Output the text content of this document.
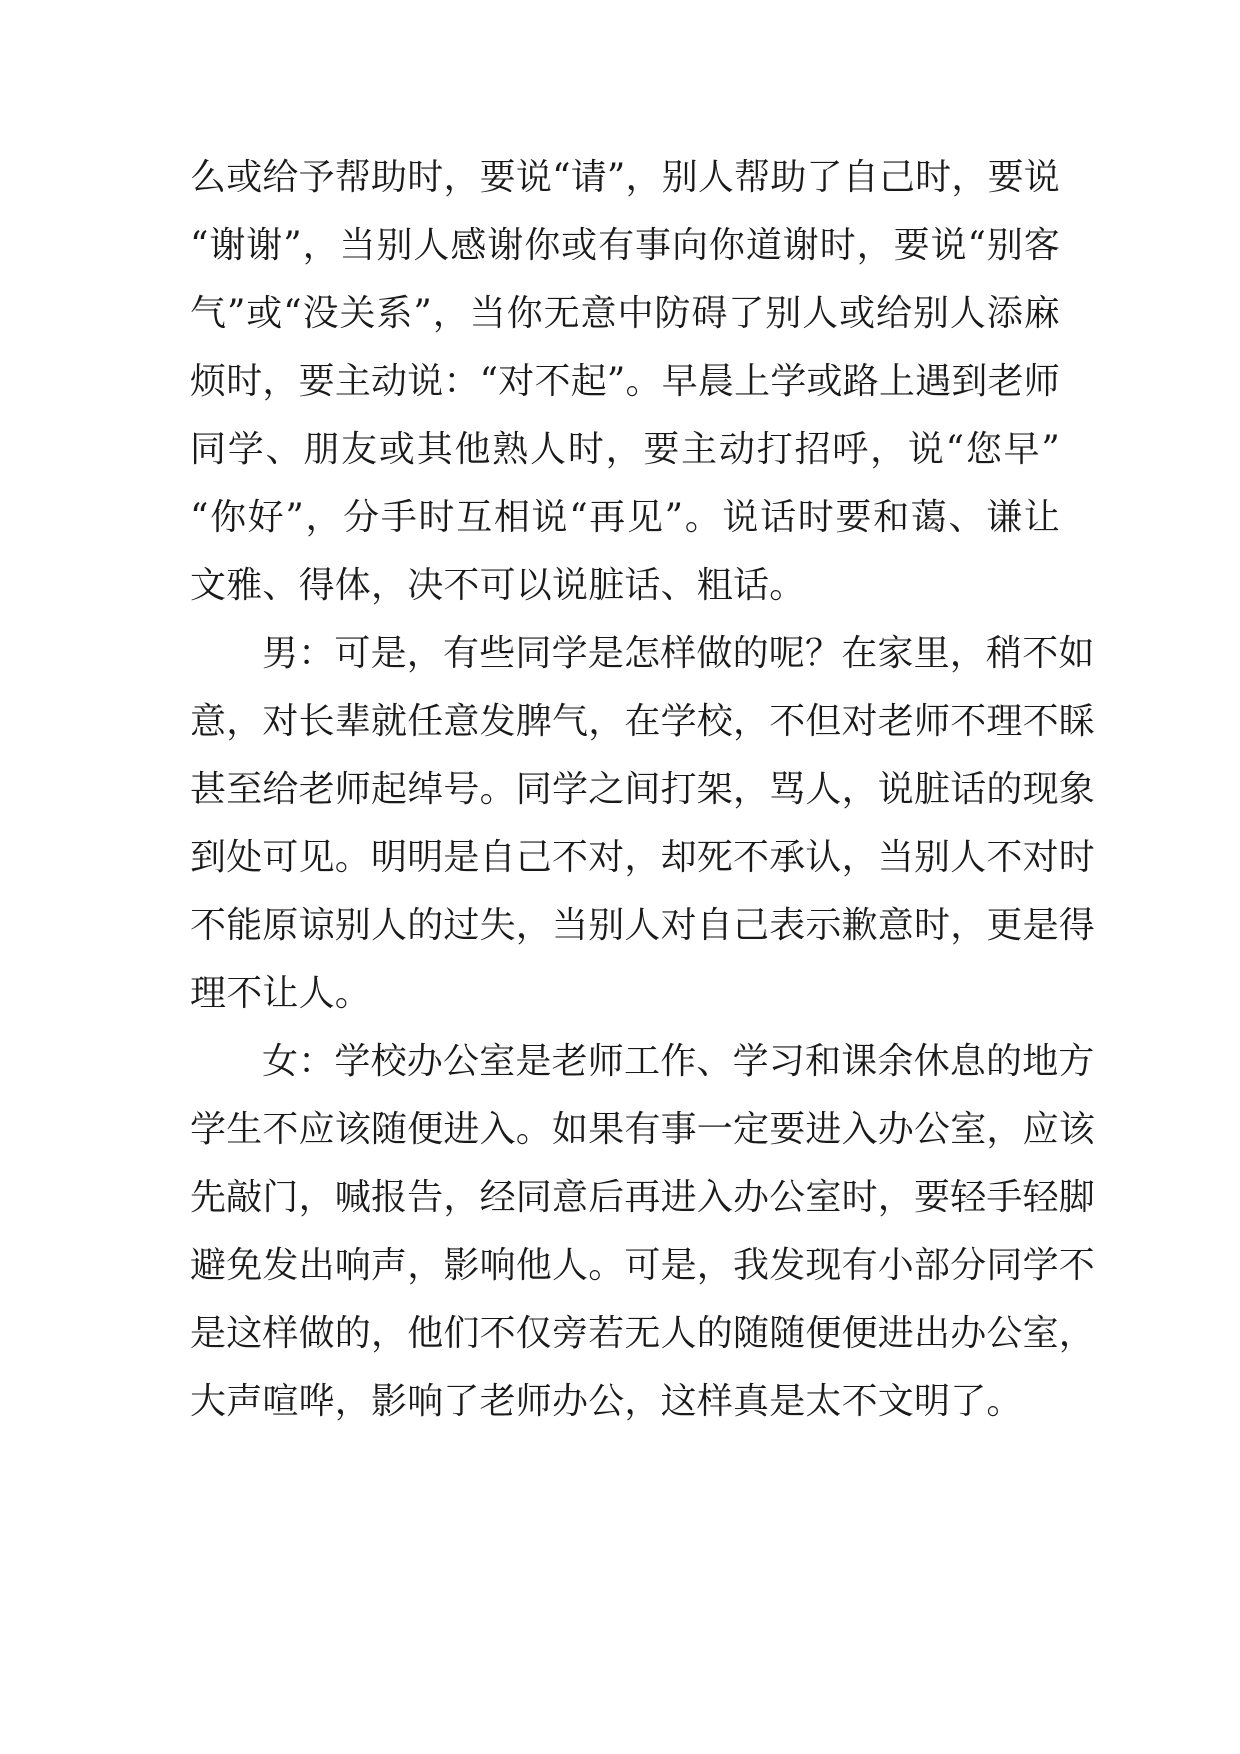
么或给予帮助时，要说“请”，别人帮助了自己时，要说
“谢谢”，当别人感谢你或有事向你道谢时，要说“别客
气”或“没关系”，当你无意中防碍了别人或给别人添麻
烦时，要主动说：“对不起”。早晨上学或路上遇到老师
同学、朋友或其他熟人时，要主动打招呼，说“您早”
“你好”，分手时互相说“再见”。说话时要和蔼、谦让
文雅、得体，决不可以说脏话、粗话。
男：可是，有些同学是怎样做的呢？在家里，稍不如
意，对长辈就任意发脾气，在学校，不但对老师不理不睬
甚至给老师起绰号。同学之间打架，骂人，说脏话的现象
到处可见。明明是自己不对，却死不承认，当别人不对时
不能原谅别人的过失，当别人对自己表示歉意时，更是得
理不让人。
女：学校办公室是老师工作、学习和课余休息的地方
学生不应该随便进入。如果有事一定要进入办公室，应该
先敲门，喊报告，经同意后再进入办公室时，要轻手轻脚
避免发出响声，影响他人。可是，我发现有小部分同学不
是这样做的，他们不仅旁若无人的随随便便进出办公室，
大声喧哗，影响了老师办公，这样真是太不文明了。
